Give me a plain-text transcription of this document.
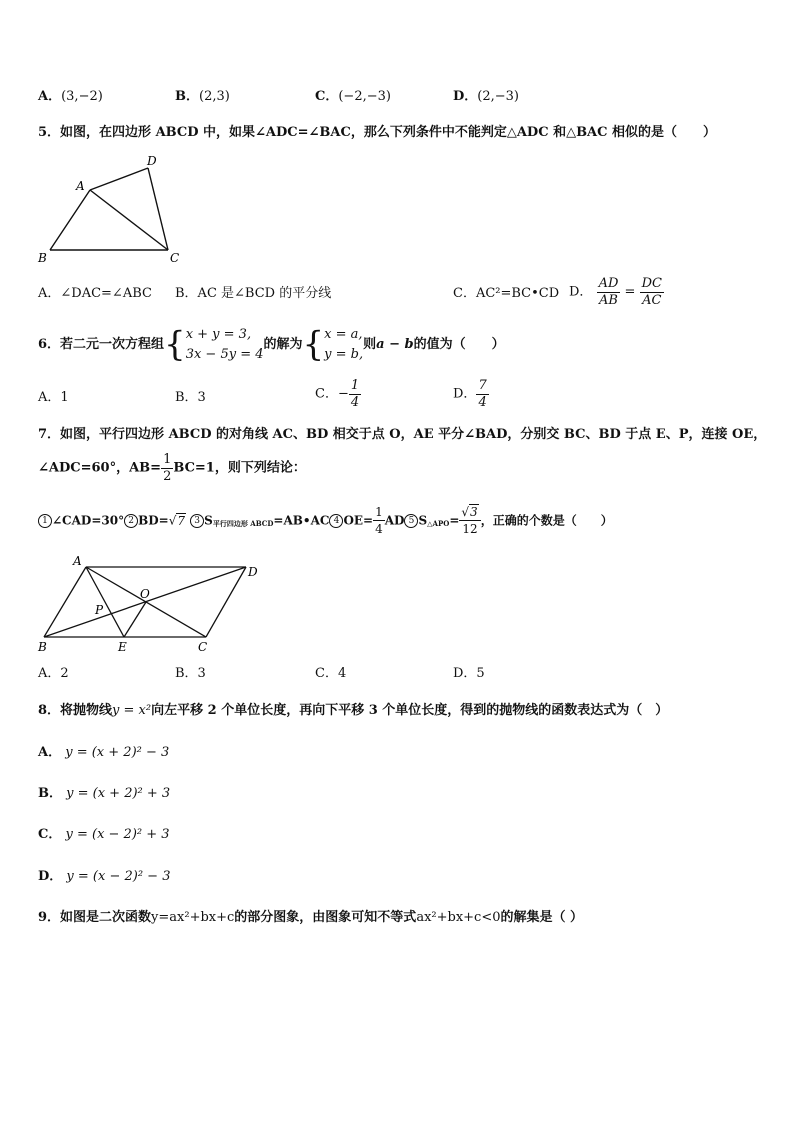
A．(3,−2)	B．(2,3)	C．(−2,−3)	D．(2,−3)
5．如图，在四边形 ABCD 中，如果∠ADC=∠BAC，那么下列条件中不能判定△ADC 和△BAC 相似的是（　　）
A
B	C
D
A．∠DAC=∠ABC B．AC 是∠BCD 的平分线	C．AC²=BC•CD D． $\frac{AD}{AB} = \frac{DC}{AC}$
6．若二元一次方程组{ x + y = 3,
3x − 5y = 4
的解为{ x = a,
y = b,
则a − b的值为（　　）
A．1	B．3	C．− $\frac{1}{4}$	D． $\frac{7}{4}$
7．如图，平行四边形 ABCD 的对角线 AC、BD 相交于点 O，AE 平分∠BAD，分别交 BC、BD 于点 E、P，连接 OE，
∠ADC=60°，$AB= \frac{1}{2} BC=1$，则下列结论：
1 ∠CAD=30° 2 BD=√7 3 $S_{平行四边形 ABCD}=AB•AC$ 4 $OE= \frac{1}{4}$ AD 5 $S_{\triangle APO}= \frac{√3}{12}$ ，正确的个数是（　　）
A
D
B	C
O
P
E
A．2	B．3	C．4	D．5
8．将抛物线y = x²向左平移 2 个单位长度，再向下平移 3 个单位长度，得到的抛物线的函数表达式为（　）
A． y = (x + 2)² − 3
B． y = (x + 2)² + 3
C． y = (x − 2)² + 3
D． y = (x − 2)² − 3
9．如图是二次函数y=ax²+bx+c的部分图象，由图象可知不等式ax²+bx+c<0的解集是（ ）
